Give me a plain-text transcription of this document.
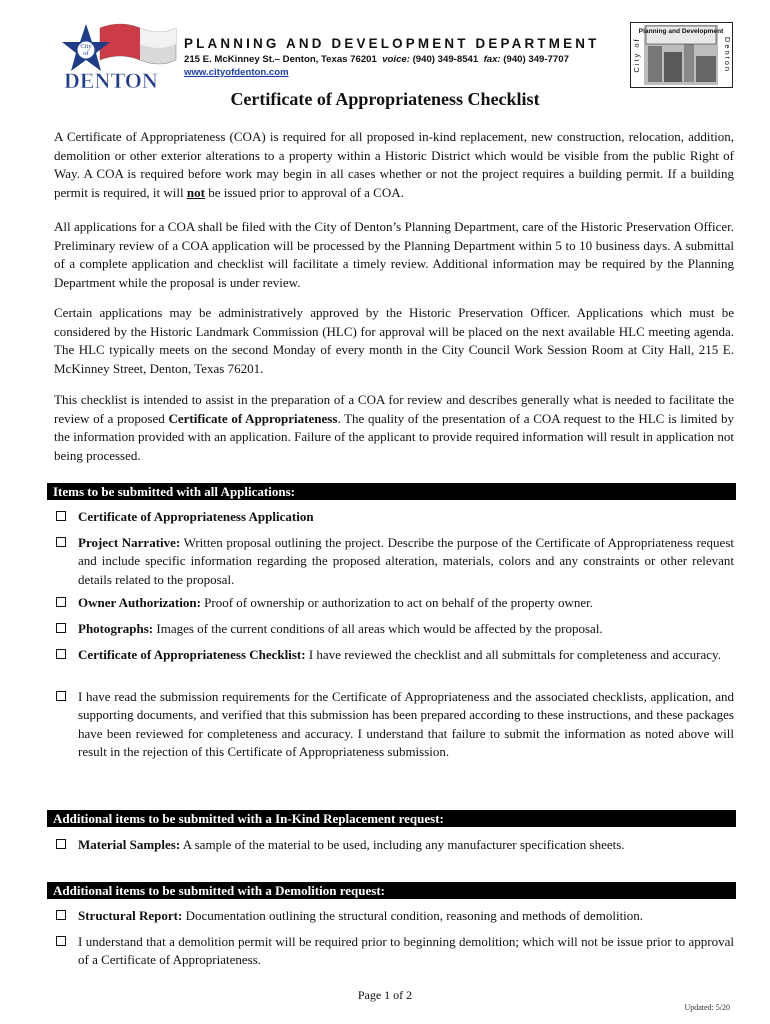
City
of
DENTON
PLANNING AND DEVELOPMENT DEPARTMENT
215 E. McKinney St.– Denton, Texas 76201 voice: (940) 349-8541 fax: (940) 349-7707
www.cityofdenton.com
Planning and Development
City of	Denton
Certificate of Appropriateness Checklist

A Certificate of Appropriateness (COA) is required for all proposed in-kind replacement, new construction, relocation, addition, demolition or other exterior alterations to a property within a Historic District which would be visible from the public Right of Way. A COA is required before work may begin in all cases whether or not the project requires a building permit. If a building permit is required, it will not be issued prior to approval of a COA.

All applications for a COA shall be filed with the City of Denton’s Planning Department, care of the Historic Preservation Officer. Preliminary review of a COA application will be processed by the Planning Department within 5 to 10 business days. A submittal of a complete application and checklist will facilitate a timely review. Additional information may be required by the Planning Department while the proposal is under review.

Certain applications may be administratively approved by the Historic Preservation Officer. Applications which must be considered by the Historic Landmark Commission (HLC) for approval will be placed on the next available HLC meeting agenda. The HLC typically meets on the second Monday of every month in the City Council Work Session Room at City Hall, 215 E. McKinney Street, Denton, Texas 76201.

This checklist is intended to assist in the preparation of a COA for review and describes generally what is needed to facilitate the review of a proposed Certificate of Appropriateness. The quality of the presentation of a COA request to the HLC is limited by the information provided with an application. Failure of the applicant to provide required information will result in application not being processed.

Items to be submitted with all Applications:
Certificate of Appropriateness Application
Project Narrative: Written proposal outlining the project. Describe the purpose of the Certificate of Appropriateness request and include specific information regarding the proposed alteration, materials, colors and any constraints or other relevant details related to the proposal.
Owner Authorization: Proof of ownership or authorization to act on behalf of the property owner.
Photographs: Images of the current conditions of all areas which would be affected by the proposal.
Certificate of Appropriateness Checklist: I have reviewed the checklist and all submittals for completeness and accuracy.
I have read the submission requirements for the Certificate of Appropriateness and the associated checklists, application, and supporting documents, and verified that this submission has been prepared according to these instructions, and these packages have been reviewed for completeness and accuracy. I understand that failure to submit the information as noted above will result in the rejection of this Certificate of Appropriateness submission.
Additional items to be submitted with a In-Kind Replacement request:
Material Samples: A sample of the material to be used, including any manufacturer specification sheets.
Additional items to be submitted with a Demolition request:
Structural Report: Documentation outlining the structural condition, reasoning and methods of demolition.
I understand that a demolition permit will be required prior to beginning demolition; which will not be issue prior to approval of a Certificate of Appropriateness.
Page 1 of 2
Updated: 5/20
